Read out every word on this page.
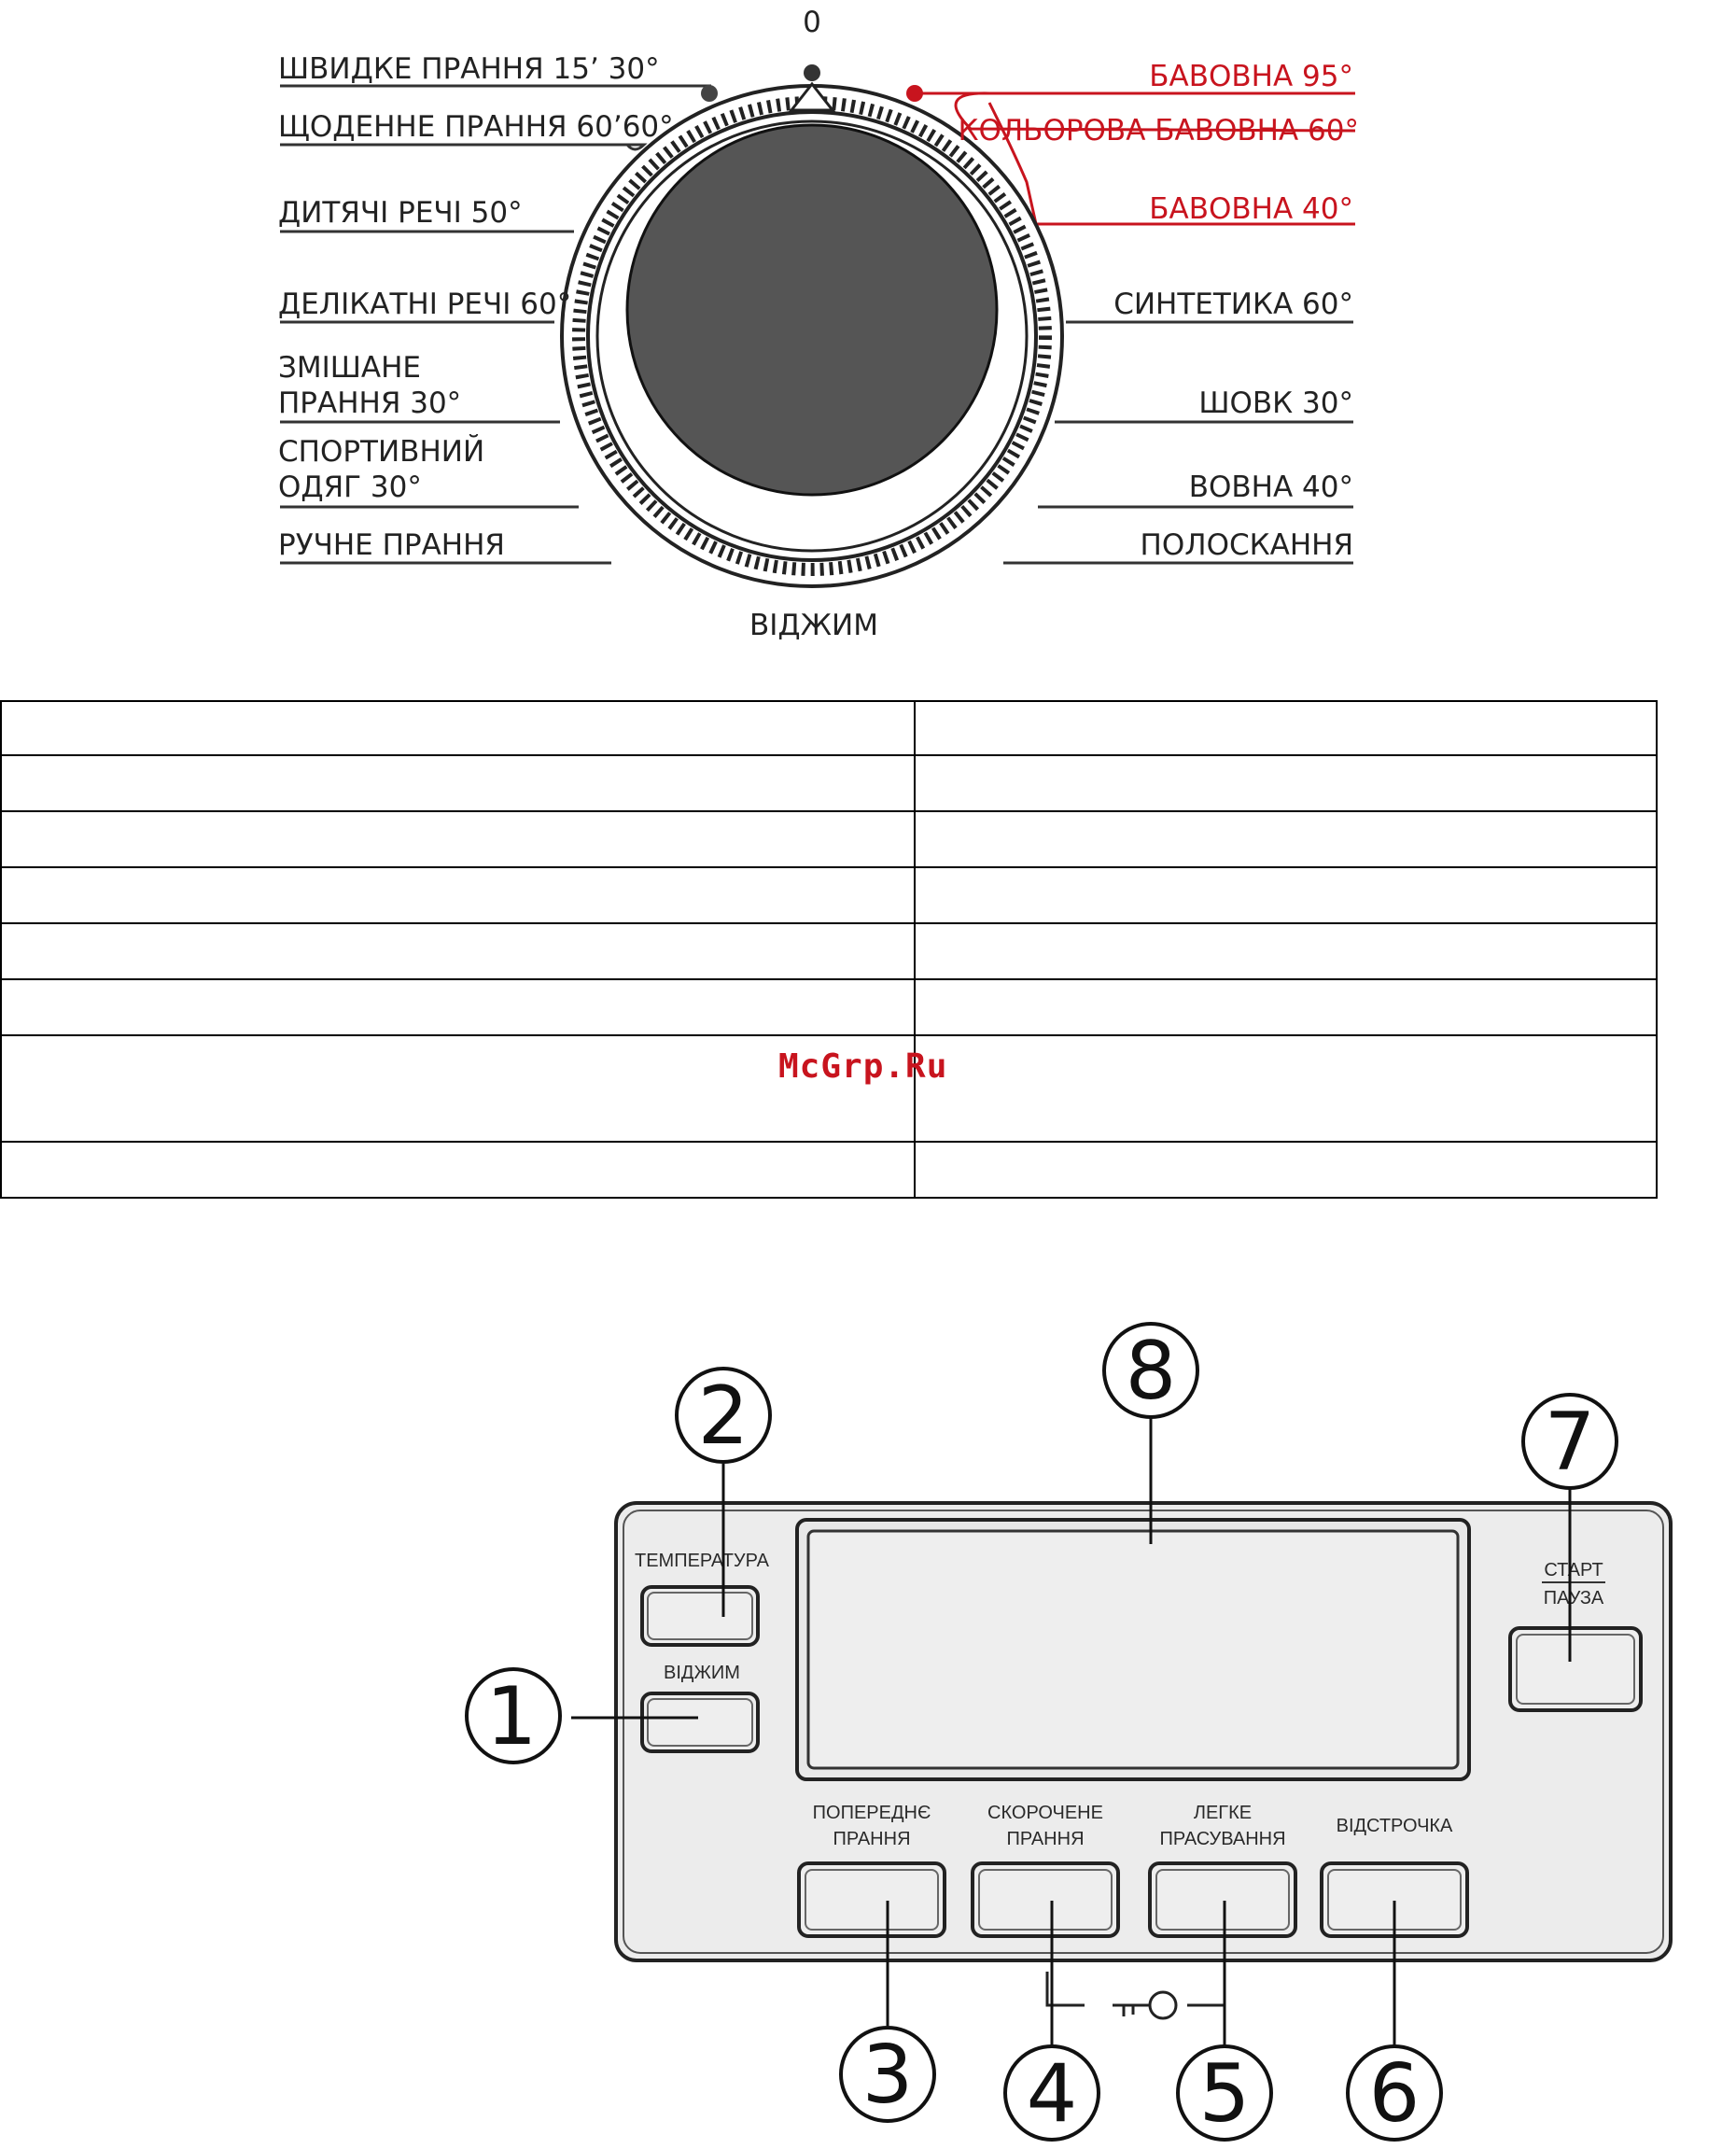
0
ШВИДКЕ ПРАННЯ 15’ 30°
ЩОДЕННЕ ПРАННЯ 60’60°
ДИТЯЧІ РЕЧІ 50°
ДЕЛІКАТНІ РЕЧІ 60°
ЗМІШАНЕ
ПРАННЯ 30°
СПОРТИВНИЙ
ОДЯГ 30°
РУЧНЕ ПРАННЯ
БАВОВНА 95°
КОЛЬОРОВА БАВОВНА 60°
БАВОВНА 40°
СИНТЕТИКА 60°
ШОВК 30°
ВОВНА 40°
ПОЛОСКАННЯ
ВІДЖИМ

McGrp.Ru
ТЕМПЕРАТУРА
ВІДЖИМ
СТАРТ
ПАУЗА
ПОПЕРЕДНЄ
ПРАННЯ
СКОРОЧЕНЕ
ПРАННЯ
ЛЕГКЕ
ПРАСУВАННЯ
ВІДСТРОЧКА
1
2
3 4 5 6
7
8
